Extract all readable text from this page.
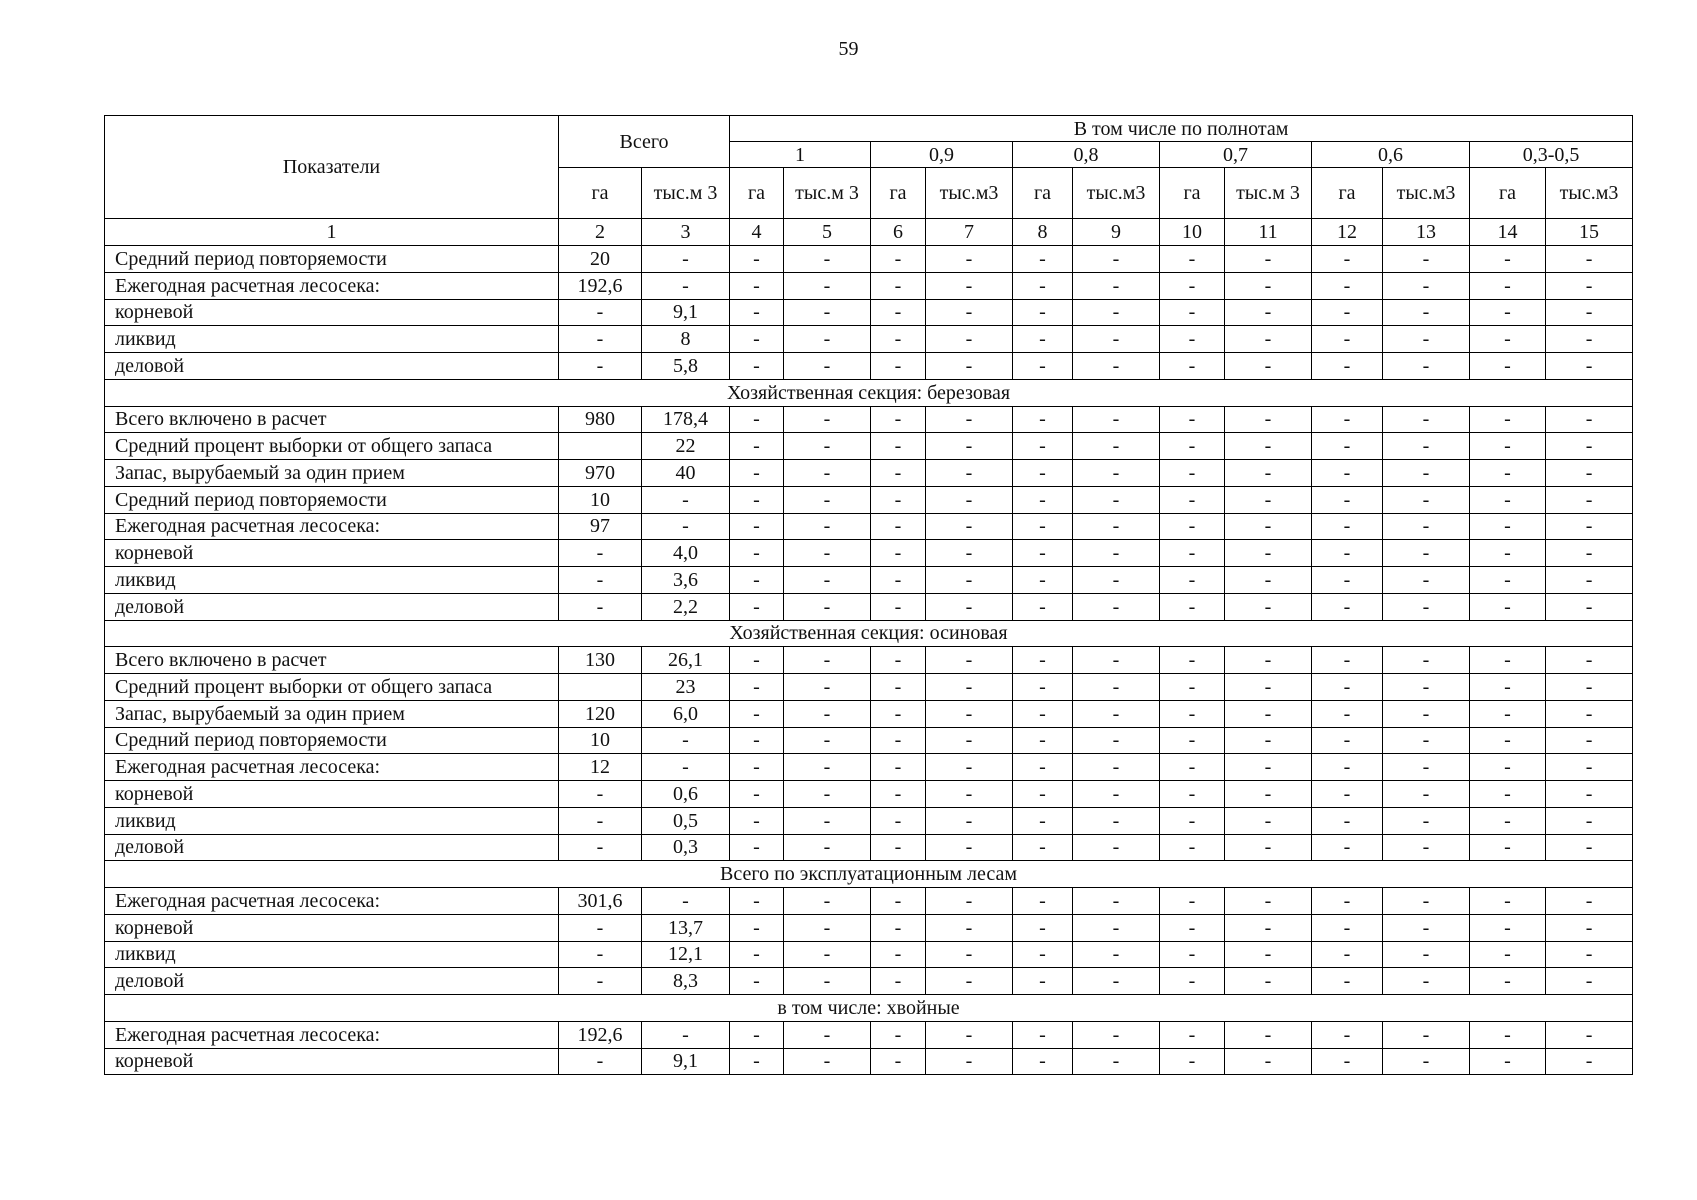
59
Показатели	Всего		В том числе по полнотам											
			1		0,9		0,8		0,7		0,6		0,3-0,5	
	га	тыс.м 3	га	тыс.м 3	га	тыс.м3	га	тыс.м3	га	тыс.м 3	га	тыс.м3	га	тыс.м3
1	2	3	4	5	6	7	8	9	10	11	12	13	14	15
Средний период повторяемости	20	-	-	-	-	-	-	-	-	-	-	-	-	-
Ежегодная расчетная лесосека:	192,6	-	-	-	-	-	-	-	-	-	-	-	-	-
корневой	-	9,1	-	-	-	-	-	-	-	-	-	-	-	-
ликвид	-	8	-	-	-	-	-	-	-	-	-	-	-	-
деловой	-	5,8	-	-	-	-	-	-	-	-	-	-	-	-
Хозяйственная секция: березовая														
Всего включено в расчет	980	178,4	-	-	-	-	-	-	-	-	-	-	-	-
Средний процент выборки от общего запаса		22	-	-	-	-	-	-	-	-	-	-	-	-
Запас, вырубаемый за один прием	970	40	-	-	-	-	-	-	-	-	-	-	-	-
Средний период повторяемости	10	-	-	-	-	-	-	-	-	-	-	-	-	-
Ежегодная расчетная лесосека:	97	-	-	-	-	-	-	-	-	-	-	-	-	-
корневой	-	4,0	-	-	-	-	-	-	-	-	-	-	-	-
ликвид	-	3,6	-	-	-	-	-	-	-	-	-	-	-	-
деловой	-	2,2	-	-	-	-	-	-	-	-	-	-	-	-
Хозяйственная секция: осиновая														
Всего включено в расчет	130	26,1	-	-	-	-	-	-	-	-	-	-	-	-
Средний процент выборки от общего запаса		23	-	-	-	-	-	-	-	-	-	-	-	-
Запас, вырубаемый за один прием	120	6,0	-	-	-	-	-	-	-	-	-	-	-	-
Средний период повторяемости	10	-	-	-	-	-	-	-	-	-	-	-	-	-
Ежегодная расчетная лесосека:	12	-	-	-	-	-	-	-	-	-	-	-	-	-
корневой	-	0,6	-	-	-	-	-	-	-	-	-	-	-	-
ликвид	-	0,5	-	-	-	-	-	-	-	-	-	-	-	-
деловой	-	0,3	-	-	-	-	-	-	-	-	-	-	-	-
Всего по эксплуатационным лесам														
Ежегодная расчетная лесосека:	301,6	-	-	-	-	-	-	-	-	-	-	-	-	-
корневой	-	13,7	-	-	-	-	-	-	-	-	-	-	-	-
ликвид	-	12,1	-	-	-	-	-	-	-	-	-	-	-	-
деловой	-	8,3	-	-	-	-	-	-	-	-	-	-	-	-
в том числе: хвойные														
Ежегодная расчетная лесосека:	192,6	-	-	-	-	-	-	-	-	-	-	-	-	-
корневой	-	9,1	-	-	-	-	-	-	-	-	-	-	-	-
